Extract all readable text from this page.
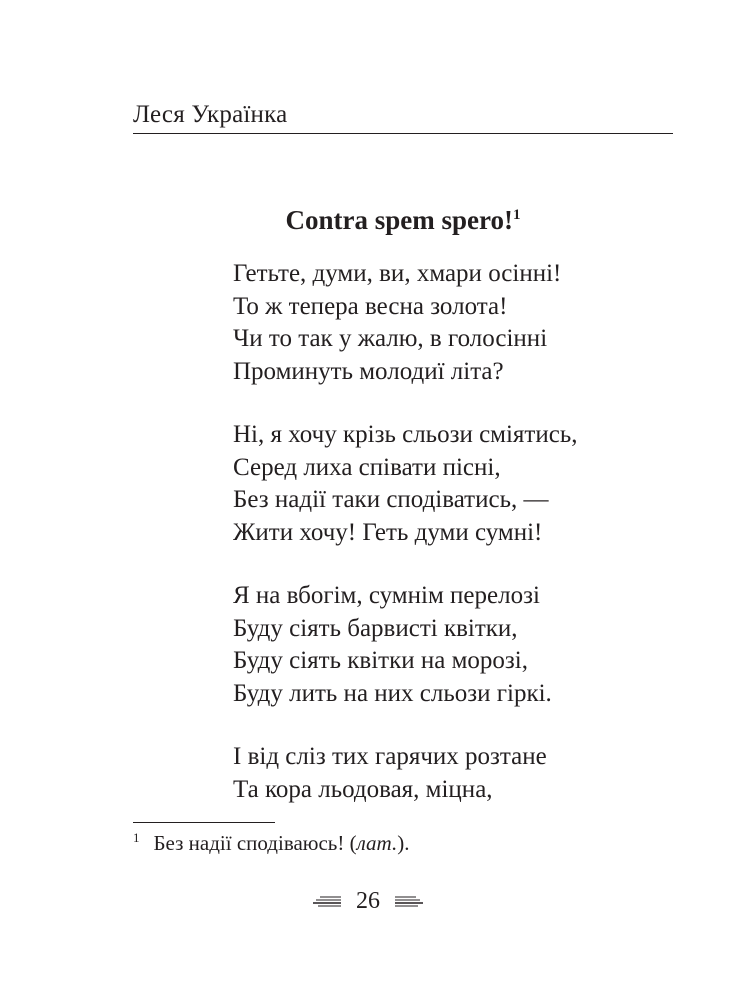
Леся Українка
Contra spem spero!$^1$
Гетьте, думи, ви, хмари осінні!
То ж тепера весна золота!
Чи то так у жалю, в голосінні
Проминуть молодиї літа?
Ні, я хочу крізь сльози сміятись,
Серед лиха співати пісні,
Без надії таки сподіватись, —
Жити хочу! Геть думи сумні!
Я на вбогім, сумнім перелозі
Буду сіять барвисті квітки,
Буду сіять квітки на морозі,
Буду лить на них сльози гіркі.
І від сліз тих гарячих розтане
Та кора льодовая, міцна,
$^1$ Без надії сподіваюсь! (лат.).
26
